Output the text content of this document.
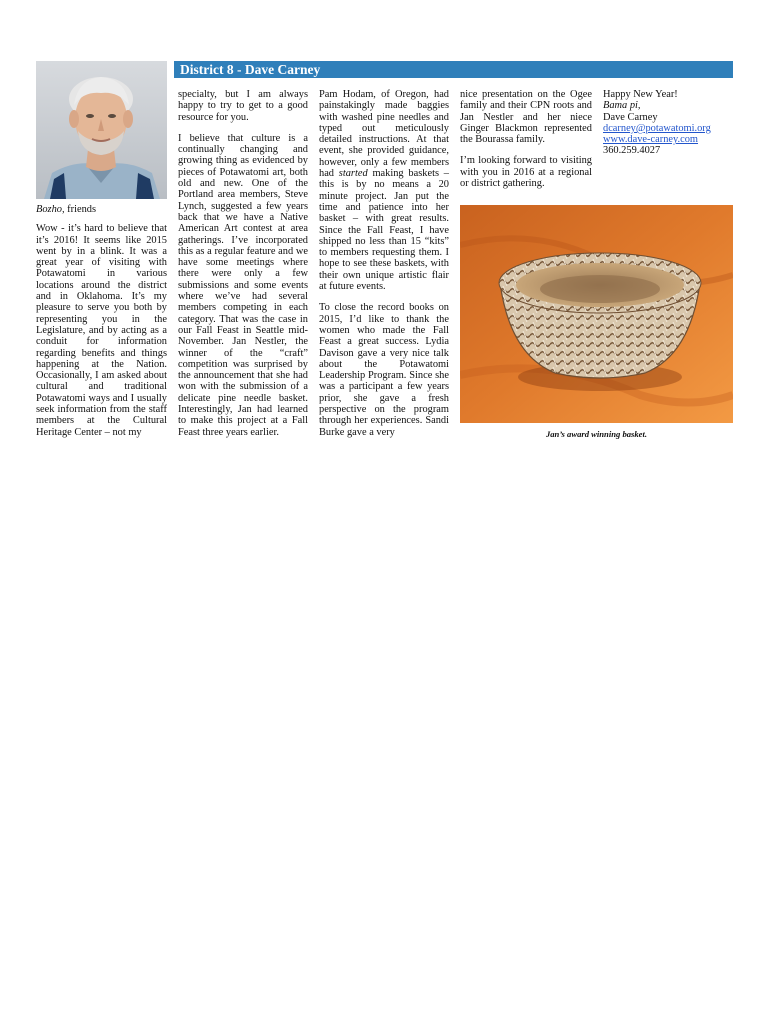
District 8 - Dave Carney
Bozho, friends

Wow - it’s hard to believe that it’s 2016! It seems like 2015 went by in a blink. It was a great year of visiting with Potawatomi in various locations around the district and in Oklahoma. It’s my pleasure to serve you both by representing you in the Legislature, and by acting as a conduit for information regarding benefits and things happening at the Nation. Occasionally, I am asked about cultural and traditional Potawatomi ways and I usually seek information from the staff members at the Cultural Heritage Center – not my

specialty, but I am always happy to try to get to a good resource for you.

I believe that culture is a continually changing and growing thing as evidenced by pieces of Potawatomi art, both old and new. One of the Portland area members, Steve Lynch, suggested a few years back that we have a Native American Art contest at area gatherings. I’ve incorporated this as a regular feature and we have some meetings where there were only a few submissions and some events where we’ve had several members competing in each category. That was the case in our Fall Feast in Seattle mid-November. Jan Nestler, the winner of the “craft” competition was surprised by the announcement that she had won with the submission of a delicate pine needle basket. Interestingly, Jan had learned to make this project at a Fall Feast three years earlier.

Pam Hodam, of Oregon, had painstakingly made baggies with washed pine needles and typed out meticulously detailed instructions. At that event, she provided guidance, however, only a few members had started making baskets – this is by no means a 20 minute project. Jan put the time and patience into her basket – with great results. Since the Fall Feast, I have shipped no less than 15 “kits” to members requesting them. I hope to see these baskets, with their own unique artistic flair at future events.

To close the record books on 2015, I’d like to thank the women who made the Fall Feast a great success. Lydia Davison gave a very nice talk about the Potawatomi Leadership Program. Since she was a participant a few years prior, she gave a fresh perspective on the program through her experiences. Sandi Burke gave a very

nice presentation on the Ogee family and their CPN roots and Jan Nestler and her niece Ginger Blackmon represented the Bourassa family.

I’m looking forward to visiting with you in 2016 at a regional or district gathering.

Happy New Year!
Bama pi,
Dave Carney
dcarney@potawatomi.org
www.dave-carney.com
360.259.4027
Jan’s award winning basket.
